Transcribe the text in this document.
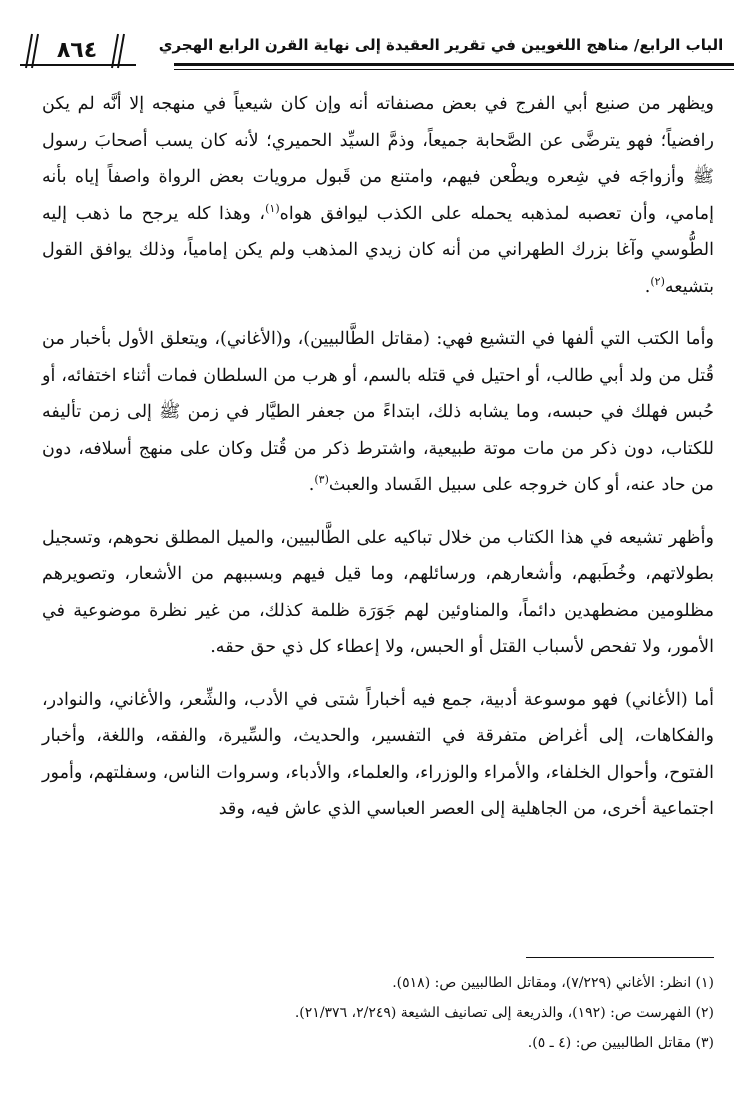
٨٦٤	الباب الرابع/ مناهج اللغويين في تقرير العقيدة إلى نهاية القرن الرابع الهجري

ويظهر من صنيع أبي الفرج في بعض مصنفاته أنه وإن كان شيعياً في منهجه إلا أنَّه لم يكن رافضياً؛ فهو يترضَّى عن الصَّحابة جميعاً، وذمَّ السيِّد الحميري؛ لأنه كان يسب أصحابَ رسول ﷺ وأزواجَه في شِعره ويطْعن فيهم، وامتنع من قَبول مرويات بعض الرواة واصفاً إياه بأنه إمامي، وأن تعصبه لمذهبه يحمله على الكذب ليوافق هواه$^{(١)}$، وهذا كله يرجح ما ذهب إليه الطُّوسي وآغا بزرك الطهراني من أنه كان زيدي المذهب ولم يكن إمامياً، وذلك يوافق القول بتشيعه$^{(٢)}$.

وأما الكتب التي ألفها في التشيع فهي: (مقاتل الطَّالبيين)، و(الأغاني)، ويتعلق الأول بأخبار من قُتل من ولد أبي طالب، أو احتيل في قتله بالسم، أو هرب من السلطان فمات أثناء اختفائه، أو حُبس فهلك في حبسه، وما يشابه ذلك، ابتداءً من جعفر الطيَّار في زمن ﷺ إلى زمن تأليفه للكتاب، دون ذكر من مات موتة طبيعية، واشترط ذكر من قُتل وكان على منهج أسلافه، دون من حاد عنه، أو كان خروجه على سبيل الفَساد والعبث$^{(٣)}$.

وأظهر تشيعه في هذا الكتاب من خلال تباكيه على الطَّالبيين، والميل المطلق نحوهم، وتسجيل بطولاتهم، وخُطَبهم، وأشعارهم، ورسائلهم، وما قيل فيهم وبسببهم من الأشعار، وتصويرهم مظلومين مضطهدين دائماً، والمناوئين لهم جَوَرَة ظلمة كذلك، من غير نظرة موضوعية في الأمور، ولا تفحص لأسباب القتل أو الحبس، ولا إعطاء كل ذي حق حقه.

أما (الأغاني) فهو موسوعة أدبية، جمع فيه أخباراً شتى في الأدب، والشِّعر، والأغاني، والنوادر، والفكاهات، إلى أغراض متفرقة في التفسير، والحديث، والسِّيرة، والفقه، واللغة، وأخبار الفتوح، وأحوال الخلفاء، والأمراء والوزراء، والعلماء، والأدباء، وسروات الناس، وسفلتهم، وأمور اجتماعية أخرى، من الجاهلية إلى العصر العباسي الذي عاش فيه، وقد

(١) انظر: الأغاني (٧/٢٢٩)، ومقاتل الطالبيين ص: (٥١٨).

(٢) الفهرست ص: (١٩٢)، والذريعة إلى تصانيف الشيعة (٢/٢٤٩، ٢١/٣٧٦).

(٣) مقاتل الطالبيين ص: (٤ ـ ٥).
